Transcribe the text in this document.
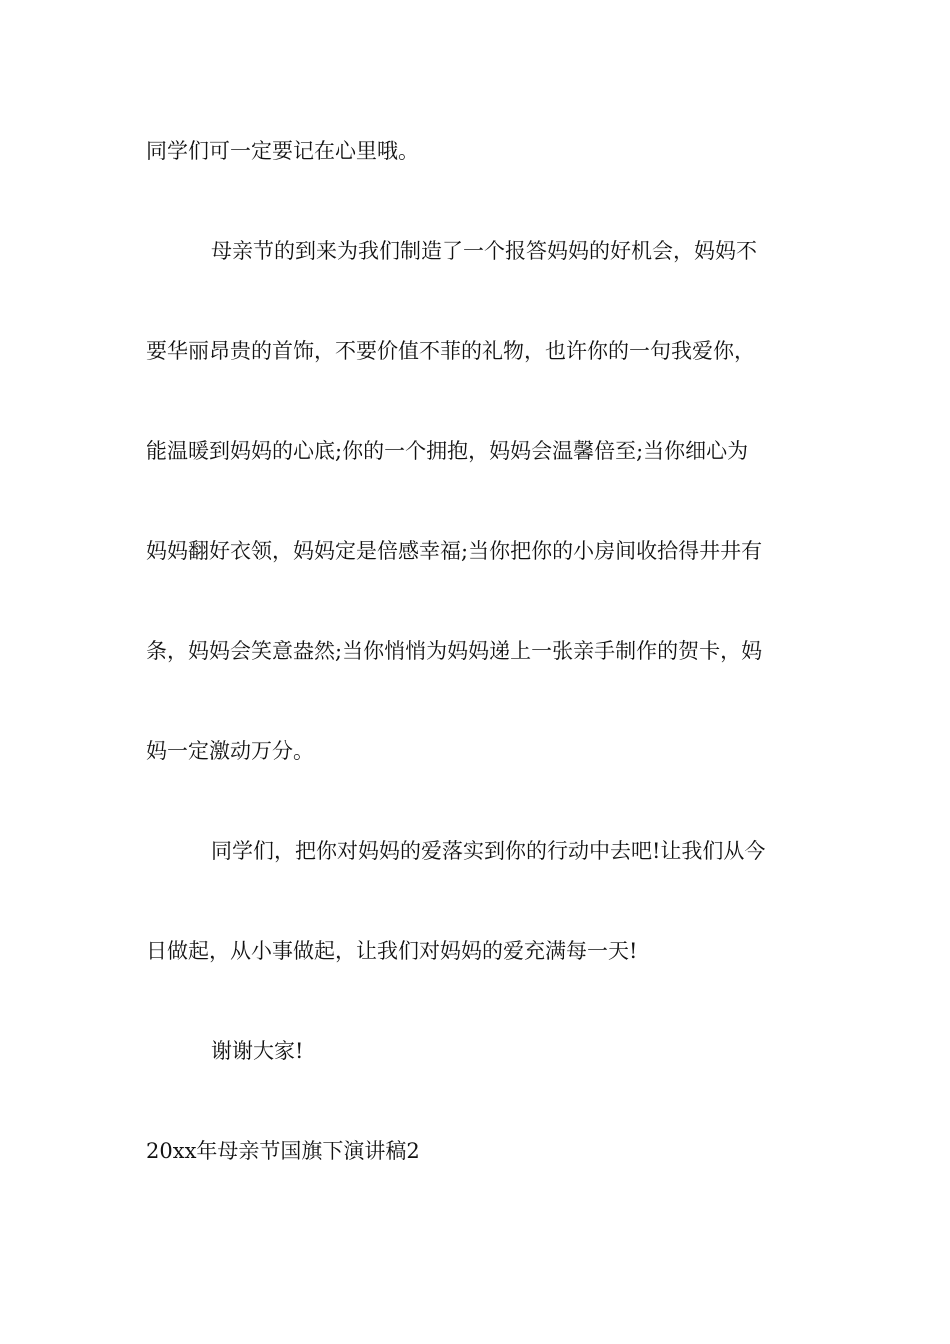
同学们可一定要记在心里哦。
母亲节的到来为我们制造了一个报答妈妈的好机会，妈妈不
要华丽昂贵的首饰，不要价值不菲的礼物，也许你的一句我爱你，
能温暖到妈妈的心底;你的一个拥抱，妈妈会温馨倍至;当你细心为
妈妈翻好衣领，妈妈定是倍感幸福;当你把你的小房间收拾得井井有
条，妈妈会笑意盎然;当你悄悄为妈妈递上一张亲手制作的贺卡，妈
妈一定激动万分。
同学们，把你对妈妈的爱落实到你的行动中去吧!让我们从今
日做起，从小事做起，让我们对妈妈的爱充满每一天!
谢谢大家!
20xx年母亲节国旗下演讲稿2
